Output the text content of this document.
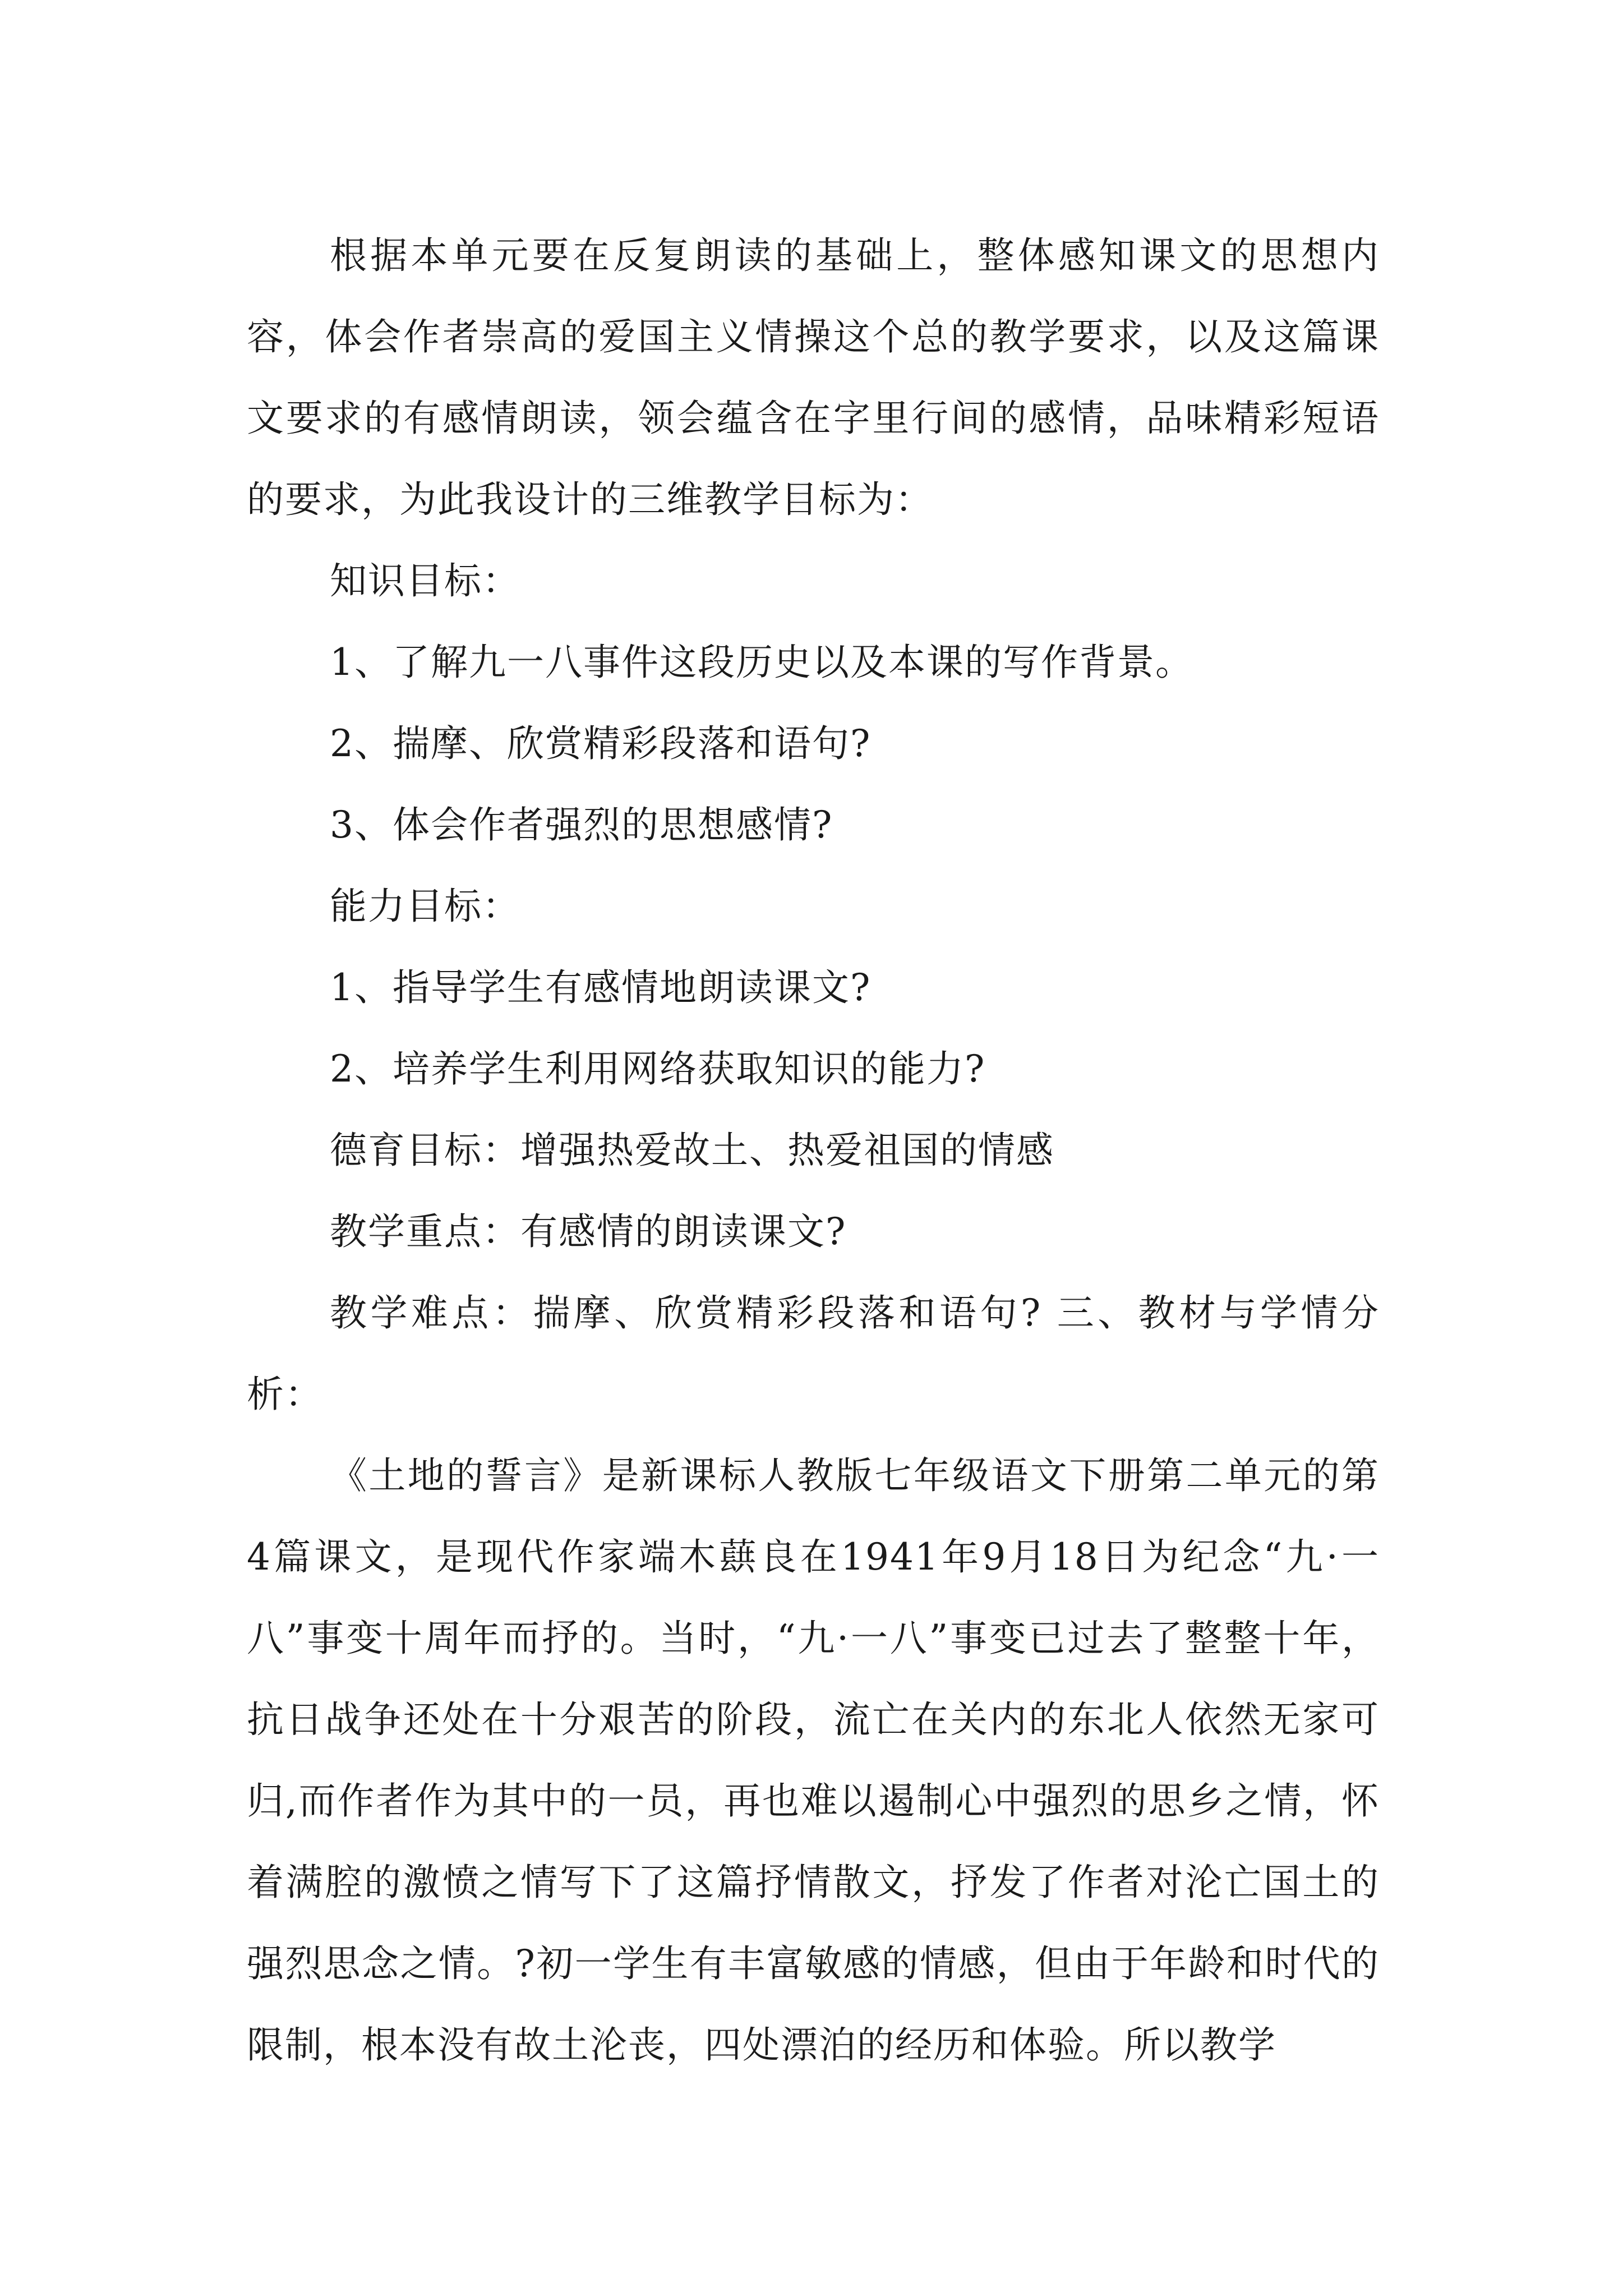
根据本单元要在反复朗读的基础上，整体感知课文的思想内容，体会作者崇高的爱国主义情操这个总的教学要求，以及这篇课文要求的有感情朗读，领会蕴含在字里行间的感情，品味精彩短语的要求，为此我设计的三维教学目标为：

知识目标：

1、了解九一八事件这段历史以及本课的写作背景。

2、揣摩、欣赏精彩段落和语句?

3、体会作者强烈的思想感情?

能力目标：

1、指导学生有感情地朗读课文?

2、培养学生利用网络获取知识的能力?

德育目标：增强热爱故土、热爱祖国的情感

教学重点：有感情的朗读课文?

教学难点：揣摩、欣赏精彩段落和语句? 三、教材与学情分析：

《土地的誓言》是新课标人教版七年级语文下册第二单元的第4篇课文，是现代作家端木蕻良在1941年9月18日为纪念“九·一八”事变十周年而抒的。当时，“九·一八”事变已过去了整整十年，抗日战争还处在十分艰苦的阶段，流亡在关内的东北人依然无家可归,而作者作为其中的一员，再也难以遏制心中强烈的思乡之情，怀着满腔的激愤之情写下了这篇抒情散文，抒发了作者对沦亡国土的强烈思念之情。?初一学生有丰富敏感的情感，但由于年龄和时代的限制，根本没有故土沦丧，四处漂泊的经历和体验。所以教学
